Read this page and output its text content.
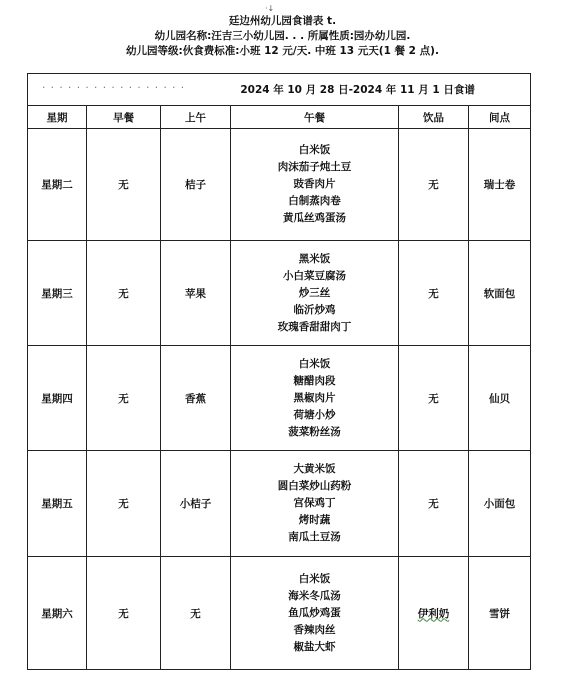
·↓
廷边州幼儿园食谱表 t.
幼儿园名称:汪吉三小幼儿园. . . 所属性质:园办幼儿园.
幼儿园等级:伙食费标准:小班 12 元/天. 中班 13 元天(1 餐 2 点).
· · · · · · · · · · · · · · · · · 2024 年 10 月 28 日-2024 年 11 月 1 日食谱					
星期	早餐	上午	午餐	饮品	间点
星期二	无	桔子	白米饭
肉沫茄子炖土豆
豉香肉片
白制蒸肉卷
黄瓜丝鸡蛋汤	无	瑞士卷
星期三	无	苹果	黑米饭
小白菜豆腐汤
炒三丝
临沂炒鸡
玫瑰香甜甜肉丁	无	软面包
星期四	无	香蕉	白米饭
糖醋肉段
黑椒肉片
荷塘小炒
菠菜粉丝汤	无	仙贝
星期五	无	小桔子	大黄米饭
圆白菜炒山药粉
宫保鸡丁
烤时蔬
南瓜土豆汤	无	小面包
星期六	无	无	白米饭
海米冬瓜汤
鱼瓜炒鸡蛋
香辣肉丝
椒盐大虾	伊利奶	雪饼
